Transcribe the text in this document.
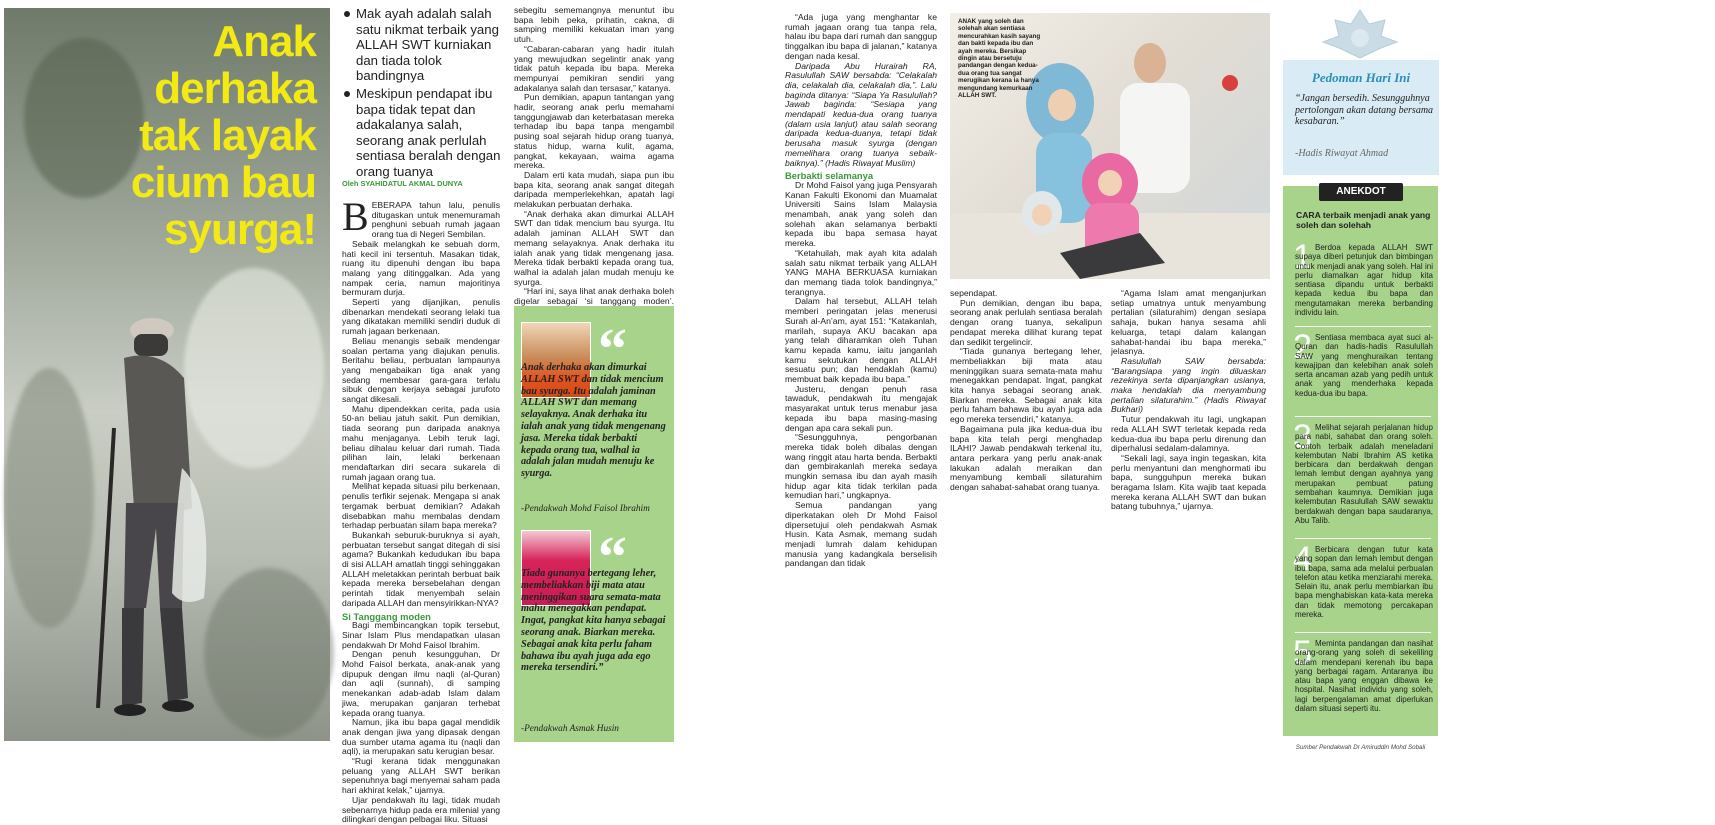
Anak
derhaka
tak layak
cium bau
syurga!
Mak ayah adalah salah satu nikmat terbaik yang ALLAH SWT kurniakan dan tiada tolok bandingnya
Meskipun pendapat ibu bapa tidak tepat dan adakalanya salah, seorang anak perlulah sentiasa beralah dengan orang tuanya
Oleh SYAHIDATUL AKMAL DUNYA

BEBERAPA tahun lalu, penulis ditugaskan untuk menemuramah penghuni sebuah rumah jagaan orang tua di Negeri Sembilan.

Sebaik melangkah ke sebuah dorm, hati kecil ini tersentuh. Masakan tidak, ruang itu dipenuhi dengan ibu bapa malang yang ditinggalkan. Ada yang nampak ceria, namun majoritinya bermuram durja.

Seperti yang dijanjikan, penulis dibenarkan mendekati seorang lelaki tua yang dikatakan memiliki sendiri duduk di rumah jagaan berkenaan.

Beliau menangis sebaik mendengar soalan pertama yang diajukan penulis. Beritahu beliau, perbuatan lampaunya yang mengabaikan tiga anak yang sedang membesar gara-gara terlalu sibuk dengan kerjaya sebagai jurufoto sangat dikesali.

Mahu dipendekkan cerita, pada usia 50-an beliau jatuh sakit. Pun demikian, tiada seorang pun daripada anaknya mahu menjaganya. Lebih teruk lagi, beliau dihalau keluar dari rumah. Tiada pilihan lain, lelaki berkenaan mendaftarkan diri secara sukarela di rumah jagaan orang tua.

Melihat kepada situasi pilu berkenaan, penulis terfikir sejenak. Mengapa si anak tergamak berbuat demikian? Adakah disebabkan mahu membalas dendam terhadap perbuatan silam bapa mereka?

Bukankah seburuk-buruknya si ayah, perbuatan tersebut sangat ditegah di sisi agama? Bukankah kedudukan ibu bapa di sisi ALLAH amatlah tinggi sehinggakan ALLAH meletakkan perintah berbuat baik kepada mereka bersebelahan dengan perintah tidak menyembah selain daripada ALLAH dan mensyirikkan-NYA?

Si Tanggang moden

Bagi membincangkan topik tersebut, Sinar Islam Plus mendapatkan ulasan pendakwah Dr Mohd Faisol Ibrahim.

Dengan penuh kesungguhan, Dr Mohd Faisol berkata, anak-anak yang dipupuk dengan ilmu naqli (al-Quran) dan aqli (sunnah), di samping menekankan adab-adab Islam dalam jiwa, merupakan ganjaran terhebat kepada orang tuanya.

Namun, jika ibu bapa gagal mendidik anak dengan jiwa yang dipasak dengan dua sumber utama agama itu (naqli dan aqli), ia merupakan satu kerugian besar.

“Rugi kerana tidak menggunakan peluang yang ALLAH SWT berikan sepenuhnya bagi menyemai saham pada hari akhirat kelak,” ujarnya.

Ujar pendakwah itu lagi, tidak mudah sebenarnya hidup pada era milenial yang dilingkari dengan pelbagai liku. Situasi

sebegitu sememangnya menuntut ibu bapa lebih peka, prihatin, cakna, di samping memiliki kekuatan iman yang utuh.

“Cabaran-cabaran yang hadir itulah yang mewujudkan segelintir anak yang tidak patuh kepada ibu bapa. Mereka mempunyai pemikiran sendiri yang adakalanya salah dan tersasar,” katanya.

Pun demikian, apapun tantangan yang hadir, seorang anak perlu memahami tanggungjawab dan keterbatasan mereka terhadap ibu bapa tanpa mengambil pusing soal sejarah hidup orang tuanya, status hidup, warna kulit, agama, pangkat, kekayaan, waima agama mereka.

Dalam erti kata mudah, siapa pun ibu bapa kita, seorang anak sangat ditegah daripada memperlekehkan, apatah lagi melakukan perbuatan derhaka.

“Anak derhaka akan dimurkai ALLAH SWT dan tidak mencium bau syurga. Itu adalah jaminan ALLAH SWT dan memang selayaknya. Anak derhaka itu ialah anak yang tidak mengenang jasa. Mereka tidak berbakti kepada orang tua, walhal ia adalah jalan mudah menuju ke syurga.

“Hari ini, saya lihat anak derhaka boleh digelar sebagai ‘si tanggang moden’.

“
Anak derhaka akan dimurkai ALLAH SWT dan tidak mencium bau syurga. Itu adalah jaminan ALLAH SWT dan memang selayaknya. Anak derhaka itu ialah anak yang tidak mengenang jasa. Mereka tidak berbakti kepada orang tua, walhal ia adalah jalan mudah menuju ke syurga.
-Pendakwah Mohd Faisol Ibrahim
“
Tiada gunanya bertegang leher, membeliakkan biji mata atau meninggikan suara semata-mata mahu menegakkan pendapat. Ingat, pangkat kita hanya sebagai seorang anak. Biarkan mereka. Sebagai anak kita perlu faham bahawa ibu ayah juga ada ego mereka tersendiri.”
-Pendakwah Asmak Husin

“Ada juga yang menghantar ke rumah jagaan orang tua tanpa rela, halau ibu bapa dari rumah dan sanggup tinggalkan ibu bapa di jalanan,” katanya dengan nada kesal.

Daripada Abu Hurairah RA, Rasulullah SAW bersabda: “Celakalah dia, celakalah dia, celakalah dia,”. Lalu baginda ditanya: “Siapa Ya Rasulullah? Jawab baginda: “Sesiapa yang mendapati kedua-dua orang tuanya (dalam usia lanjut) atau salah seorang daripada kedua-duanya, tetapi tidak berusaha masuk syurga (dengan memelihara orang tuanya sebaik-baiknya).” (Hadis Riwayat Muslim)

Berbakti selamanya

Dr Mohd Faisol yang juga Pensyarah Kanan Fakulti Ekonomi dan Muamalat Universiti Sains Islam Malaysia menambah, anak yang soleh dan solehah akan selamanya berbakti kepada ibu bapa semasa hayat mereka.

“Ketahuilah, mak ayah kita adalah salah satu nikmat terbaik yang ALLAH YANG MAHA BERKUASA kurniakan dan memang tiada tolok bandingnya,” terangnya.

Dalam hal tersebut, ALLAH telah memberi peringatan jelas menerusi Surah al-An’am, ayat 151: “Katakanlah, marilah, supaya AKU bacakan apa yang telah diharamkan oleh Tuhan kamu kepada kamu, iaitu janganlah kamu sekutukan dengan ALLAH sesuatu pun; dan hendaklah (kamu) membuat baik kepada ibu bapa.”

Justeru, dengan penuh rasa tawaduk, pendakwah itu mengajak masyarakat untuk terus menabur jasa kepada ibu bapa masing-masing dengan apa cara sekali pun.

“Sesungguhnya, pengorbanan mereka tidak boleh dibalas dengan wang ringgit atau harta benda. Berbakti dan gembirakanlah mereka sedaya mungkin semasa ibu dan ayah masih hidup agar kita tidak terkilan pada kemudian hari,” ungkapnya.

Semua pandangan yang diperkatakan oleh Dr Mohd Faisol dipersetujui oleh pendakwah Asmak Husin. Kata Asmak, memang sudah menjadi lumrah dalam kehidupan manusia yang kadangkala berselisih pandangan dan tidak

ANAK yang soleh dan solehah akan sentiasa mencurahkan kasih sayang dan bakti kepada ibu dan ayah mereka. Bersikap dingin atau bersetuju pandangan dengan kedua-dua orang tua sangat merugikan kerana ia hanya mengundang kemurkaan ALLAH SWT.

sependapat.

Pun demikian, dengan ibu bapa, seorang anak perlulah sentiasa beralah dengan orang tuanya, sekalipun pendapat mereka dilihat kurang tepat dan sedikit tergelincir.

“Tiada gunanya bertegang leher, membeliakkan biji mata atau meninggikan suara semata-mata mahu menegakkan pendapat. Ingat, pangkat kita hanya sebagai seorang anak. Biarkan mereka. Sebagai anak kita perlu faham bahawa ibu ayah juga ada ego mereka tersendiri,” katanya.

Bagaimana pula jika kedua-dua ibu bapa kita telah pergi menghadap ILAHI? Jawab pendakwah terkenal itu, antara perkara yang perlu anak-anak lakukan adalah meraikan dan menyambung kembali silaturahim dengan sahabat-sahabat orang tuanya.

“Agama Islam amat menganjurkan setiap umatnya untuk menyambung pertalian (silaturahim) dengan sesiapa sahaja, bukan hanya sesama ahli keluarga, tetapi dalam kalangan sahabat-handai ibu bapa mereka,” jelasnya.

Rasulullah SAW bersabda: “Barangsiapa yang ingin diluaskan rezekinya serta dipanjangkan usianya, maka hendaklah dia menyambung pertalian silaturahim.” (Hadis Riwayat Bukhari)

Tutur pendakwah itu lagi, ungkapan reda ALLAH SWT terletak kepada reda kedua-dua ibu bapa perlu direnung dan diperhalusi sedalam-dalamnya.

“Sekali lagi, saya ingin tegaskan, kita perlu menyantuni dan menghormati ibu bapa, sungguhpun mereka bukan beragama Islam. Kita wajib taat kepada mereka kerana ALLAH SWT dan bukan batang tubuhnya,” ujarnya.

Pedoman Hari Ini
“Jangan bersedih. Sesungguhnya pertolongan akan datang bersama kesabaran.”
-Hadis Riwayat Ahmad
ANEKDOT
CARA terbaik menjadi anak yang soleh dan solehah
1 Berdoa kepada ALLAH SWT supaya diberi petunjuk dan bimbingan untuk menjadi anak yang soleh. Hal ini perlu diamalkan agar hidup kita sentiasa dipandu untuk berbakti kepada kedua ibu bapa dan mengutamakan mereka berbanding individu lain.
2 Sentiasa membaca ayat suci al-Quran dan hadis-hadis Rasulullah SAW yang menghuraikan tentang kewajipan dan kelebihan anak soleh serta ancaman azab yang pedih untuk anak yang menderhaka kepada kedua-dua ibu bapa.
3 Melihat sejarah perjalanan hidup para nabi, sahabat dan orang soleh. Contoh terbaik adalah meneladani kelembutan Nabi Ibrahim AS ketika berbicara dan berdakwah dengan lemah lembut dengan ayahnya yang merupakan pembuat patung sembahan kaumnya. Demikian juga kelembutan Rasulullah SAW sewaktu berdakwah dengan bapa saudaranya, Abu Talib.
4 Berbicara dengan tutur kata yang sopan dan lemah lembut dengan ibu bapa, sama ada melalui perbualan telefon atau ketika menziarahi mereka. Selain itu, anak perlu membiarkan ibu bapa menghabiskan kata-kata mereka dan tidak memotong percakapan mereka.
5 Meminta pandangan dan nasihat orang-orang yang soleh di sekeliling dalam mendepani kerenah ibu bapa yang berbagai ragam. Antaranya ibu atau bapa yang enggan dibawa ke hospital. Nasihat individu yang soleh, lagi berpengalaman amat diperlukan dalam situasi seperti itu.
Sumber Pendakwah Dr Amiruddin Mohd Sobali
